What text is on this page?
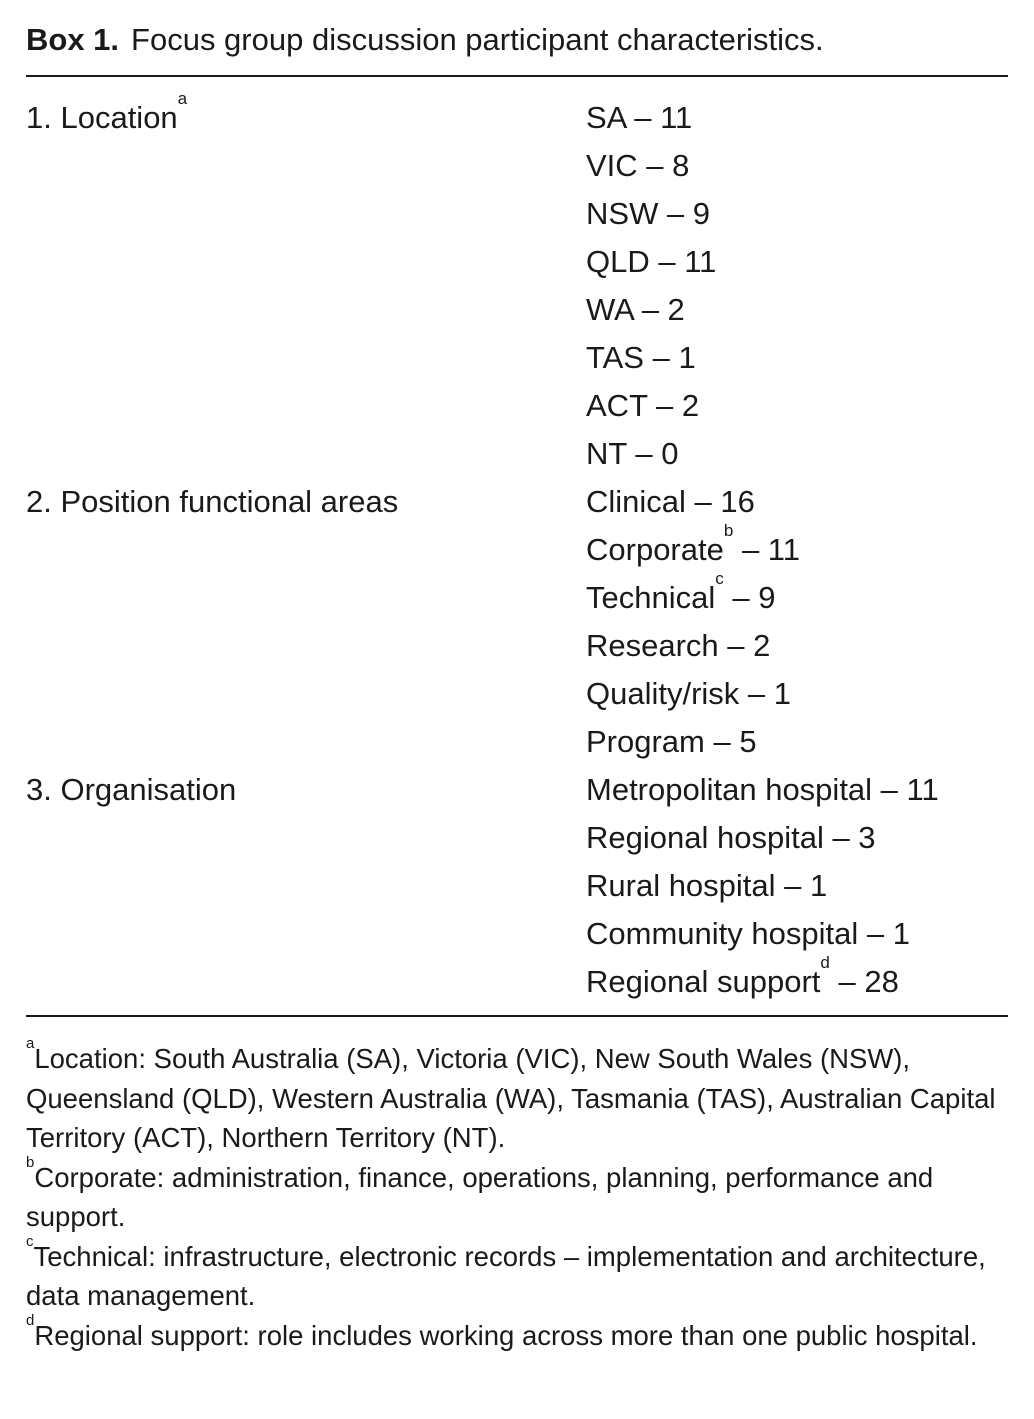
Box 1. Focus group discussion participant characteristics.
1. Location$^a$
SA – 11
VIC – 8
NSW – 9
QLD – 11
WA – 2
TAS – 1
ACT – 2
NT – 0
2. Position functional areas	Clinical – 16
Corporate$^b$ – 11
Technical$^c$ – 9
Research – 2
Quality/risk – 1
Program – 5
3. Organisation	Metropolitan hospital – 11
Regional hospital – 3
Rural hospital – 1
Community hospital – 1
Regional support$^d$ – 28

$^a$Location: South Australia (SA), Victoria (VIC), New South Wales (NSW), Queensland (QLD), Western Australia (WA), Tasmania (TAS), Australian Capital Territory (ACT), Northern Territory (NT).

$^b$Corporate: administration, finance, operations, planning, performance and support.

$^c$Technical: infrastructure, electronic records – implementation and architecture, data management.

$^d$Regional support: role includes working across more than one public hospital.
